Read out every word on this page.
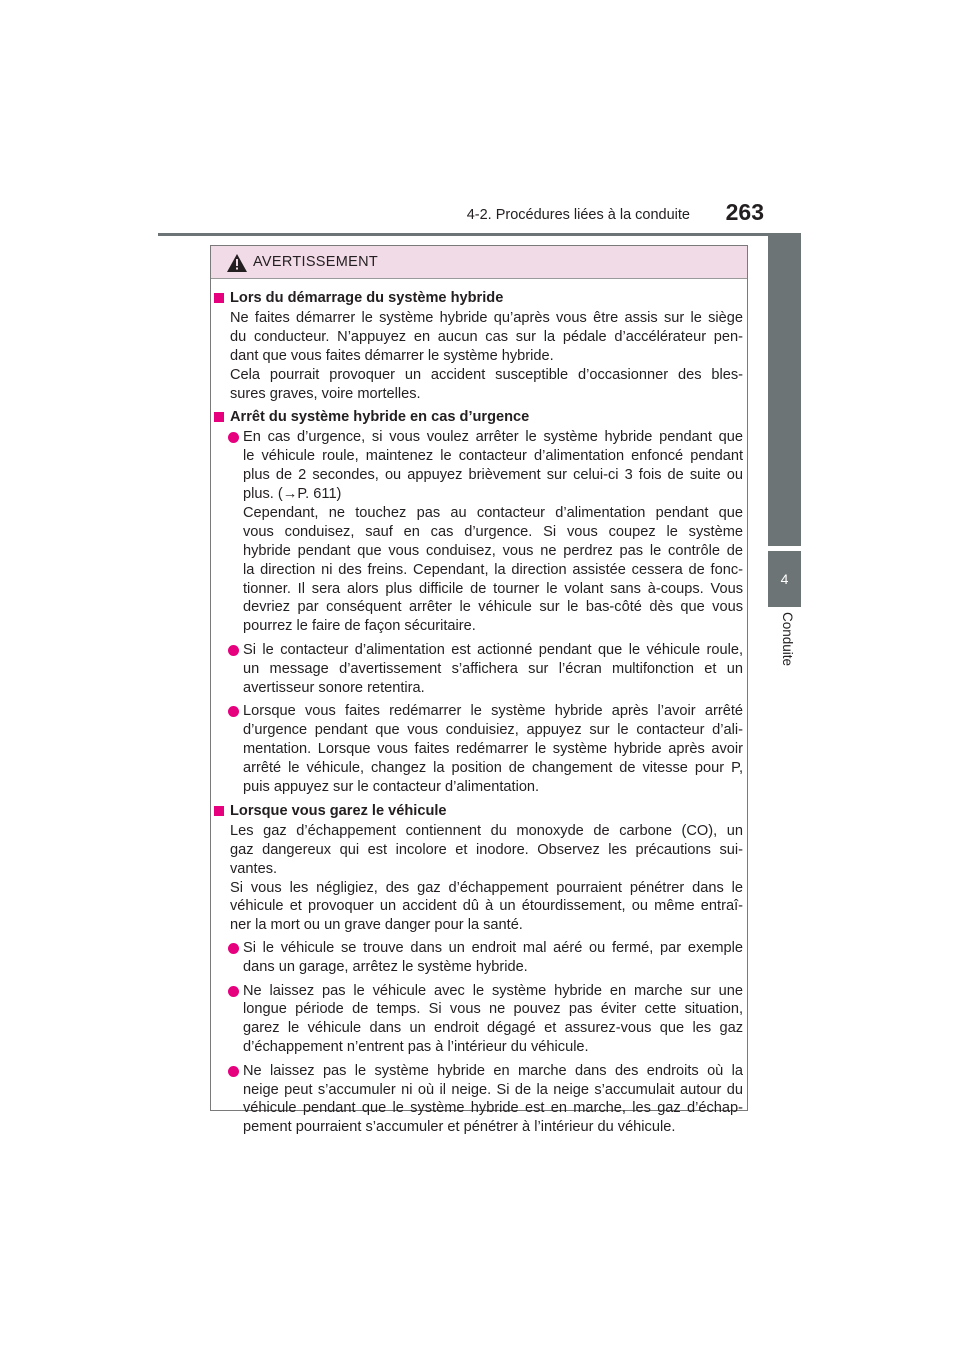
4-2. Procédures liées à la conduite	263
4
Conduite
AVERTISSEMENT
Lors du démarrage du système hybride
Ne faites démarrer le système hybride qu’après vous être assis sur le siège
du conducteur. N’appuyez en aucun cas sur la pédale d’accélérateur pen-
dant que vous faites démarrer le système hybride.
Cela pourrait provoquer un accident susceptible d’occasionner des bles-
sures graves, voire mortelles.
Arrêt du système hybride en cas d’urgence
En cas d’urgence, si vous voulez arrêter le système hybride pendant que
le véhicule roule, maintenez le contacteur d’alimentation enfoncé pendant
plus de 2 secondes, ou appuyez brièvement sur celui-ci 3 fois de suite ou
plus. (→P. 611)
Cependant, ne touchez pas au contacteur d’alimentation pendant que
vous conduisez, sauf en cas d’urgence. Si vous coupez le système
hybride pendant que vous conduisez, vous ne perdrez pas le contrôle de
la direction ni des freins. Cependant, la direction assistée cessera de fonc-
tionner. Il sera alors plus difficile de tourner le volant sans à-coups. Vous
devriez par conséquent arrêter le véhicule sur le bas-côté dès que vous
pourrez le faire de façon sécuritaire.
Si le contacteur d’alimentation est actionné pendant que le véhicule roule,
un message d’avertissement s’affichera sur l’écran multifonction et un
avertisseur sonore retentira.
Lorsque vous faites redémarrer le système hybride après l’avoir arrêté
d’urgence pendant que vous conduisiez, appuyez sur le contacteur d’ali-
mentation. Lorsque vous faites redémarrer le système hybride après avoir
arrêté le véhicule, changez la position de changement de vitesse pour P,
puis appuyez sur le contacteur d’alimentation.
Lorsque vous garez le véhicule
Les gaz d’échappement contiennent du monoxyde de carbone (CO), un
gaz dangereux qui est incolore et inodore. Observez les précautions sui-
vantes.
Si vous les négligiez, des gaz d’échappement pourraient pénétrer dans le
véhicule et provoquer un accident dû à un étourdissement, ou même entraî-
ner la mort ou un grave danger pour la santé.
Si le véhicule se trouve dans un endroit mal aéré ou fermé, par exemple
dans un garage, arrêtez le système hybride.
Ne laissez pas le véhicule avec le système hybride en marche sur une
longue période de temps. Si vous ne pouvez pas éviter cette situation,
garez le véhicule dans un endroit dégagé et assurez-vous que les gaz
d’échappement n’entrent pas à l’intérieur du véhicule.
Ne laissez pas le système hybride en marche dans des endroits où la
neige peut s’accumuler ni où il neige. Si de la neige s’accumulait autour du
véhicule pendant que le système hybride est en marche, les gaz d’échap-
pement pourraient s’accumuler et pénétrer à l’intérieur du véhicule.
